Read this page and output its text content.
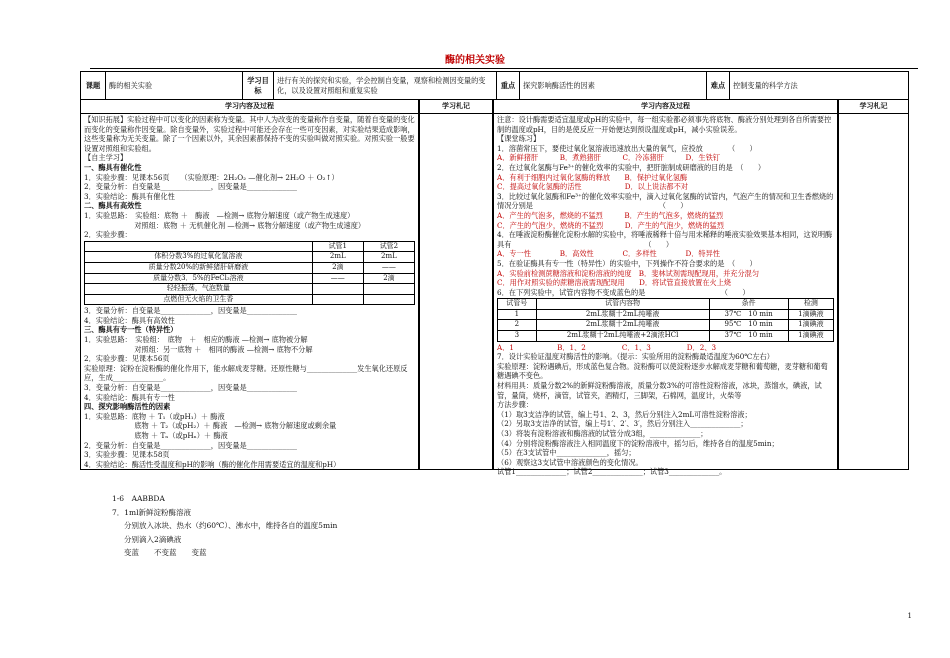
酶的相关实验
课题	酶的相关实验	学习目标	进行有关的探究和实验，学会控制自变量，观察和检测因变量的变化，以及设置对照组和重复实验	重点	探究影响酶活性的因素	难点	控制变量的科学方法
学习内容及过程	学习札记	学习内容及过程	学习札记

【知识拓展】实验过程中可以变化的因素称为变量。其中人为改变的变量称作自变量，随着自变量的变化而变化的变量称作因变量。除自变量外，实验过程中可能还会存在一些可变因素，对实验结果造成影响，这些变量称为无关变量。除了一个因素以外，其余因素都保持不变的实验叫做对照实验。对照实验一般要设置对照组和实验组。

【自主学习】

一、酶具有催化性

1．实验步骤：见课本56页　　（实验原理：2H₂O₂ —催化剂→ 2H₂O ＋ O₂↑）

2．变量分析：自变量是______________，因变量是______________

3．实验结论：酶具有催化性

二、酶具有高效性

1．实验思路：　实验组：底物 ＋　酶液　—检测→ 底物分解速度（或产物生成速度）

　　　　　　　对照组：底物 ＋ 无机催化剂 —检测→ 底物分解速度（或产物生成速度）

2．实验步骤：

	试管1	试管2
体积分数3%的过氧化氢溶液	2mL	2mL
质量分数20%的新鲜猪肝研磨液	2滴	——
质量分数3．5%的FeCl₃溶液	——	2滴
轻轻振荡，气泡数量		
点燃但无火焰的卫生香		

3．变量分析：自变量是______________，因变量是______________

4．实验结论：酶具有高效性

三、酶具有专一性（特异性）

1．实验思路：　实验组：　底物　＋　相应的酶液 —检测→ 底物被分解

　　　　　　　对照组：另一底物 ＋　相同的酶液 —检测→ 底物不分解

2．实验步骤：见课本56页

实验原理：淀粉在淀粉酶的催化作用下，能水解成麦芽糖。还原性糖与______________发生氧化还原反应，生成______________。

3．变量分析：自变量是______________，因变量是______________

4．实验结论：酶具有专一性

四、探究影响酶活性的因素

1．实验思路：底物 ＋ T₁（或pH₁）＋ 酶液

　　　　　　　底物 ＋ T₂（或pH₂）＋ 酶液　—检测→ 底物分解速度或剩余量

　　　　　　　底物 ＋ Tₙ（或pHₙ）＋ 酶液

2．变量分析：自变量是______________，因变量是______________

3．实验步骤：见课本58页

4．实验结论：酶活性受温度和pH的影响（酶的催化作用需要适宜的温度和pH）

注意：设计酶需要适宜温度或pH的实验中，每一组实验都必须事先将底物、酶液分别处理到各自所需要控制的温度或pH，目的是使反应一开始便达到预设温度或pH，减小实验误差。

【课堂练习】

1．溶菌常压下，要使过氧化氢溶液迅速放出大量的氧气，应投放　　　　（　　）

A．新鲜猪肝　　　B．煮熟猪肝　　　C．冷冻猪肝　　　D．生铁钉

2．在过氧化氢酶与Fe³⁺的催化效率的实验中，把肝脏制成研磨液的目的是　（　　）

A．有利于细胞内过氧化氢酶的释放　　B．保护过氧化氢酶

C．提高过氧化氢酶的活性　　　　　　D．以上说法都不对

3．比较过氧化氢酶和Fe³⁺的催化效率实验中，滴入过氧化氢酶的试管内，气泡产生的情况和卫生香燃烧的情况分别是　　　　　　　　　　　　　　　　　　（　　）

A．产生的气泡多，燃烧的不猛烈　　　B．产生的气泡多，燃烧的猛烈

C．产生的气泡少，燃烧的不猛烈　　　D．产生的气泡少，燃烧的猛烈

4．在唾液淀粉酶催化淀粉水解的实验中，将唾液稀释十倍与用未稀释的唾液实验效果基本相同，这说明酶具有　　　　　　　　　　　　　　　　　　　（　　）

A．专一性　　　　B．高效性　　　　C．多样性　　　　D．特异性

5．在验证酶具有专一性（特异性）的实验中，下列操作不符合要求的是　（　　）

A．实验前检测蔗糖溶液和淀粉溶液的纯度　B．斐林试剂需现配现用，并充分混匀

C．用作对照实验的蔗糖溶液需现配现用　　D．将试管直接放置在火上烧

6．在下列实验中，试管内容物不变成蓝色的是　　　　　　　　　　　（　　）

试管号	试管内容物	条件	检测
1	2mL浆糊十2mL纯唾液	37℃　10 min	1滴碘液
2	2mL浆糊十2mL纯唾液	95℃　10 min	1滴碘液
3	2mL浆糊十2mL纯唾液+2滴浓HCl	37℃　10 min	1滴碘液

A．1　　　　　　B．1、2　　　　　C．1、3　　　　　D．2、3

7．设计实验证温度对酶活性的影响。（提示：实验所用的淀粉酶最适温度为60℃左右）

实验原理：淀粉遇碘后，形成蓝色复合物。淀粉酶可以使淀粉逐步水解成麦芽糖和葡萄糖，麦芽糖和葡萄糖遇碘不变色。

材料用具：质量分数2%的新鲜淀粉酶溶液，质量分数3%的可溶性淀粉溶液，冰块，蒸馏水，碘液，试管，量筒，烧杯，滴管，试管夹，酒精灯，三脚架，石棉网，温度计，火柴等

方法步骤：

（1）取3支洁净的试管，编上号1、2、3，然后分别注入2mL可溶性淀粉溶液；

（2）另取3支洁净的试管，编上号1′、2′、3′，然后分别注入______________；

（3）将装有淀粉溶液和酶溶液的试管分成3组，______________；

（4）分别将淀粉酶溶液注入相同温度下的淀粉溶液中，摇匀后，维持各自的温度5min；

（5）在3支试管中______________，摇匀；

（6）观察这3支试管中溶液颜色的变化情况。

试管1______________；试管2______________；试管3______________。

1-6　AABBDA
7．1ml新鲜淀粉酶溶液
分别放入冰块、热水（约60℃）、沸水中，维持各自的温度5min
分别滴入2滴碘液
变蓝　　不变蓝　　变蓝
1
